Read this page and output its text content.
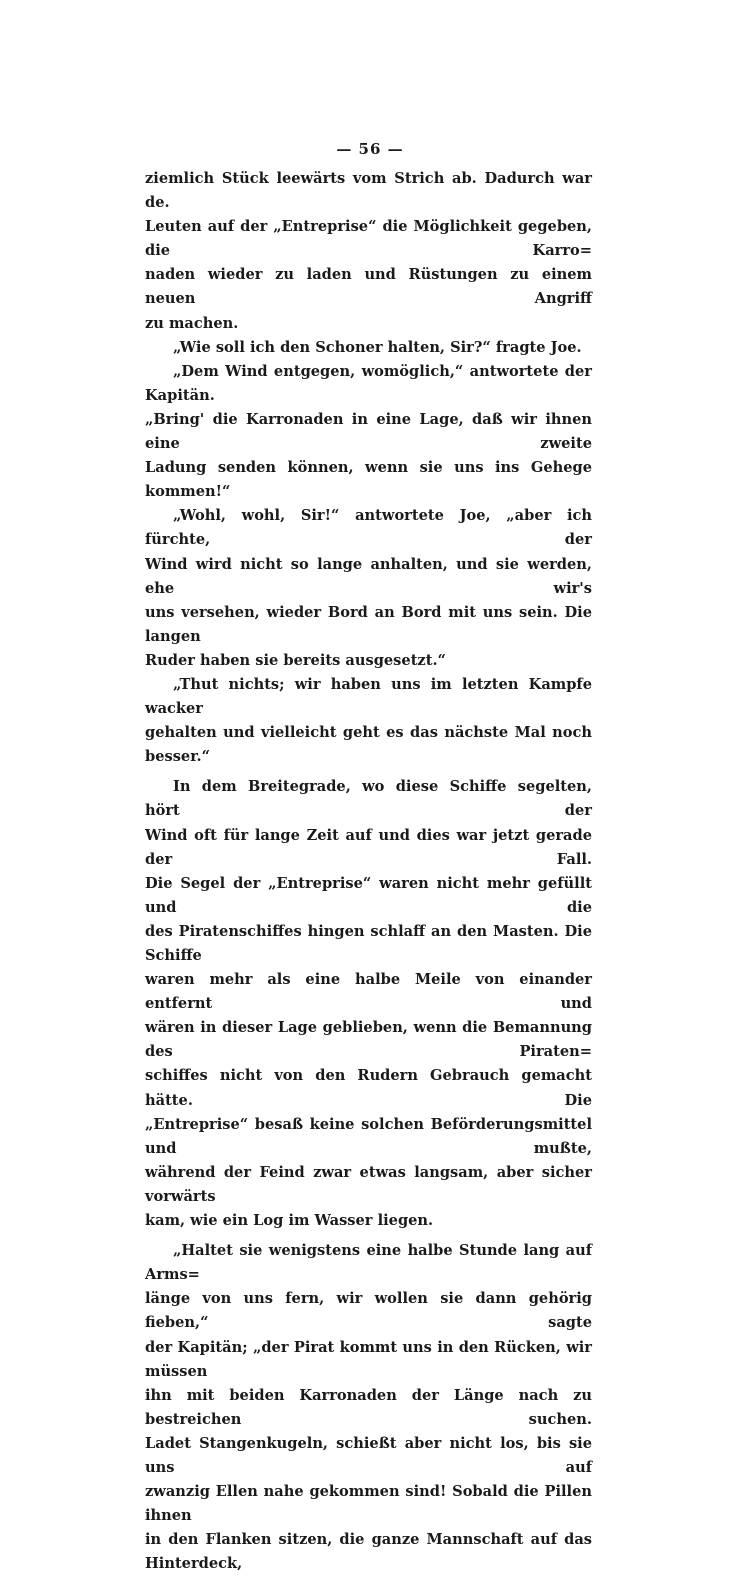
— 56 —

ziemlich Stück leewärts vom Strich ab. Dadurch war de.

Leuten auf der „Entreprise“ die Möglichkeit gegeben, die Karro=

naden wieder zu laden und Rüstungen zu einem neuen Angriff

zu machen.

„Wie soll ich den Schoner halten, Sir?“ fragte Joe.

„Dem Wind entgegen, womöglich,“ antwortete der Kapitän.

„Bring' die Karronaden in eine Lage, daß wir ihnen eine zweite

Ladung senden können, wenn sie uns ins Gehege kommen!“

„Wohl, wohl, Sir!“ antwortete Joe, „aber ich fürchte, der

Wind wird nicht so lange anhalten, und sie werden, ehe wir's

uns versehen, wieder Bord an Bord mit uns sein. Die langen

Ruder haben sie bereits ausgesetzt.“

„Thut nichts; wir haben uns im letzten Kampfe wacker

gehalten und vielleicht geht es das nächste Mal noch besser.“

In dem Breitegrade, wo diese Schiffe segelten, hört der

Wind oft für lange Zeit auf und dies war jetzt gerade der Fall.

Die Segel der „Entreprise“ waren nicht mehr gefüllt und die

des Piratenschiffes hingen schlaff an den Masten. Die Schiffe

waren mehr als eine halbe Meile von einander entfernt und

wären in dieser Lage geblieben, wenn die Bemannung des Piraten=

schiffes nicht von den Rudern Gebrauch gemacht hätte. Die

„Entreprise“ besaß keine solchen Beförderungsmittel und mußte,

während der Feind zwar etwas langsam, aber sicher vorwärts

kam, wie ein Log im Wasser liegen.

„Haltet sie wenigstens eine halbe Stunde lang auf Arms=

länge von uns fern, wir wollen sie dann gehörig fieben,“ sagte

der Kapitän; „der Pirat kommt uns in den Rücken, wir müssen

ihn mit beiden Karronaden der Länge nach zu bestreichen suchen.

Ladet Stangenkugeln, schießt aber nicht los, bis sie uns auf

zwanzig Ellen nahe gekommen sind! Sobald die Pillen ihnen

in den Flanken sitzen, die ganze Mannschaft auf das Hinterdeck,
